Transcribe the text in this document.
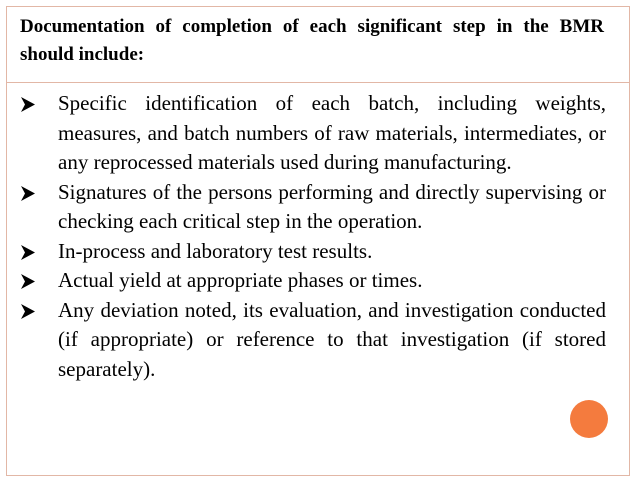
Documentation of completion of each significant step in the BMR should include:

Specific identification of each batch, including weights, measures, and batch numbers of raw materials, intermediates, or any reprocessed materials used during manufacturing.
Signatures of the persons performing and directly supervising or checking each critical step in the operation.
In-process and laboratory test results.
Actual yield at appropriate phases or times.
Any deviation noted, its evaluation, and investigation conducted (if appropriate) or reference to that investigation (if stored separately).
